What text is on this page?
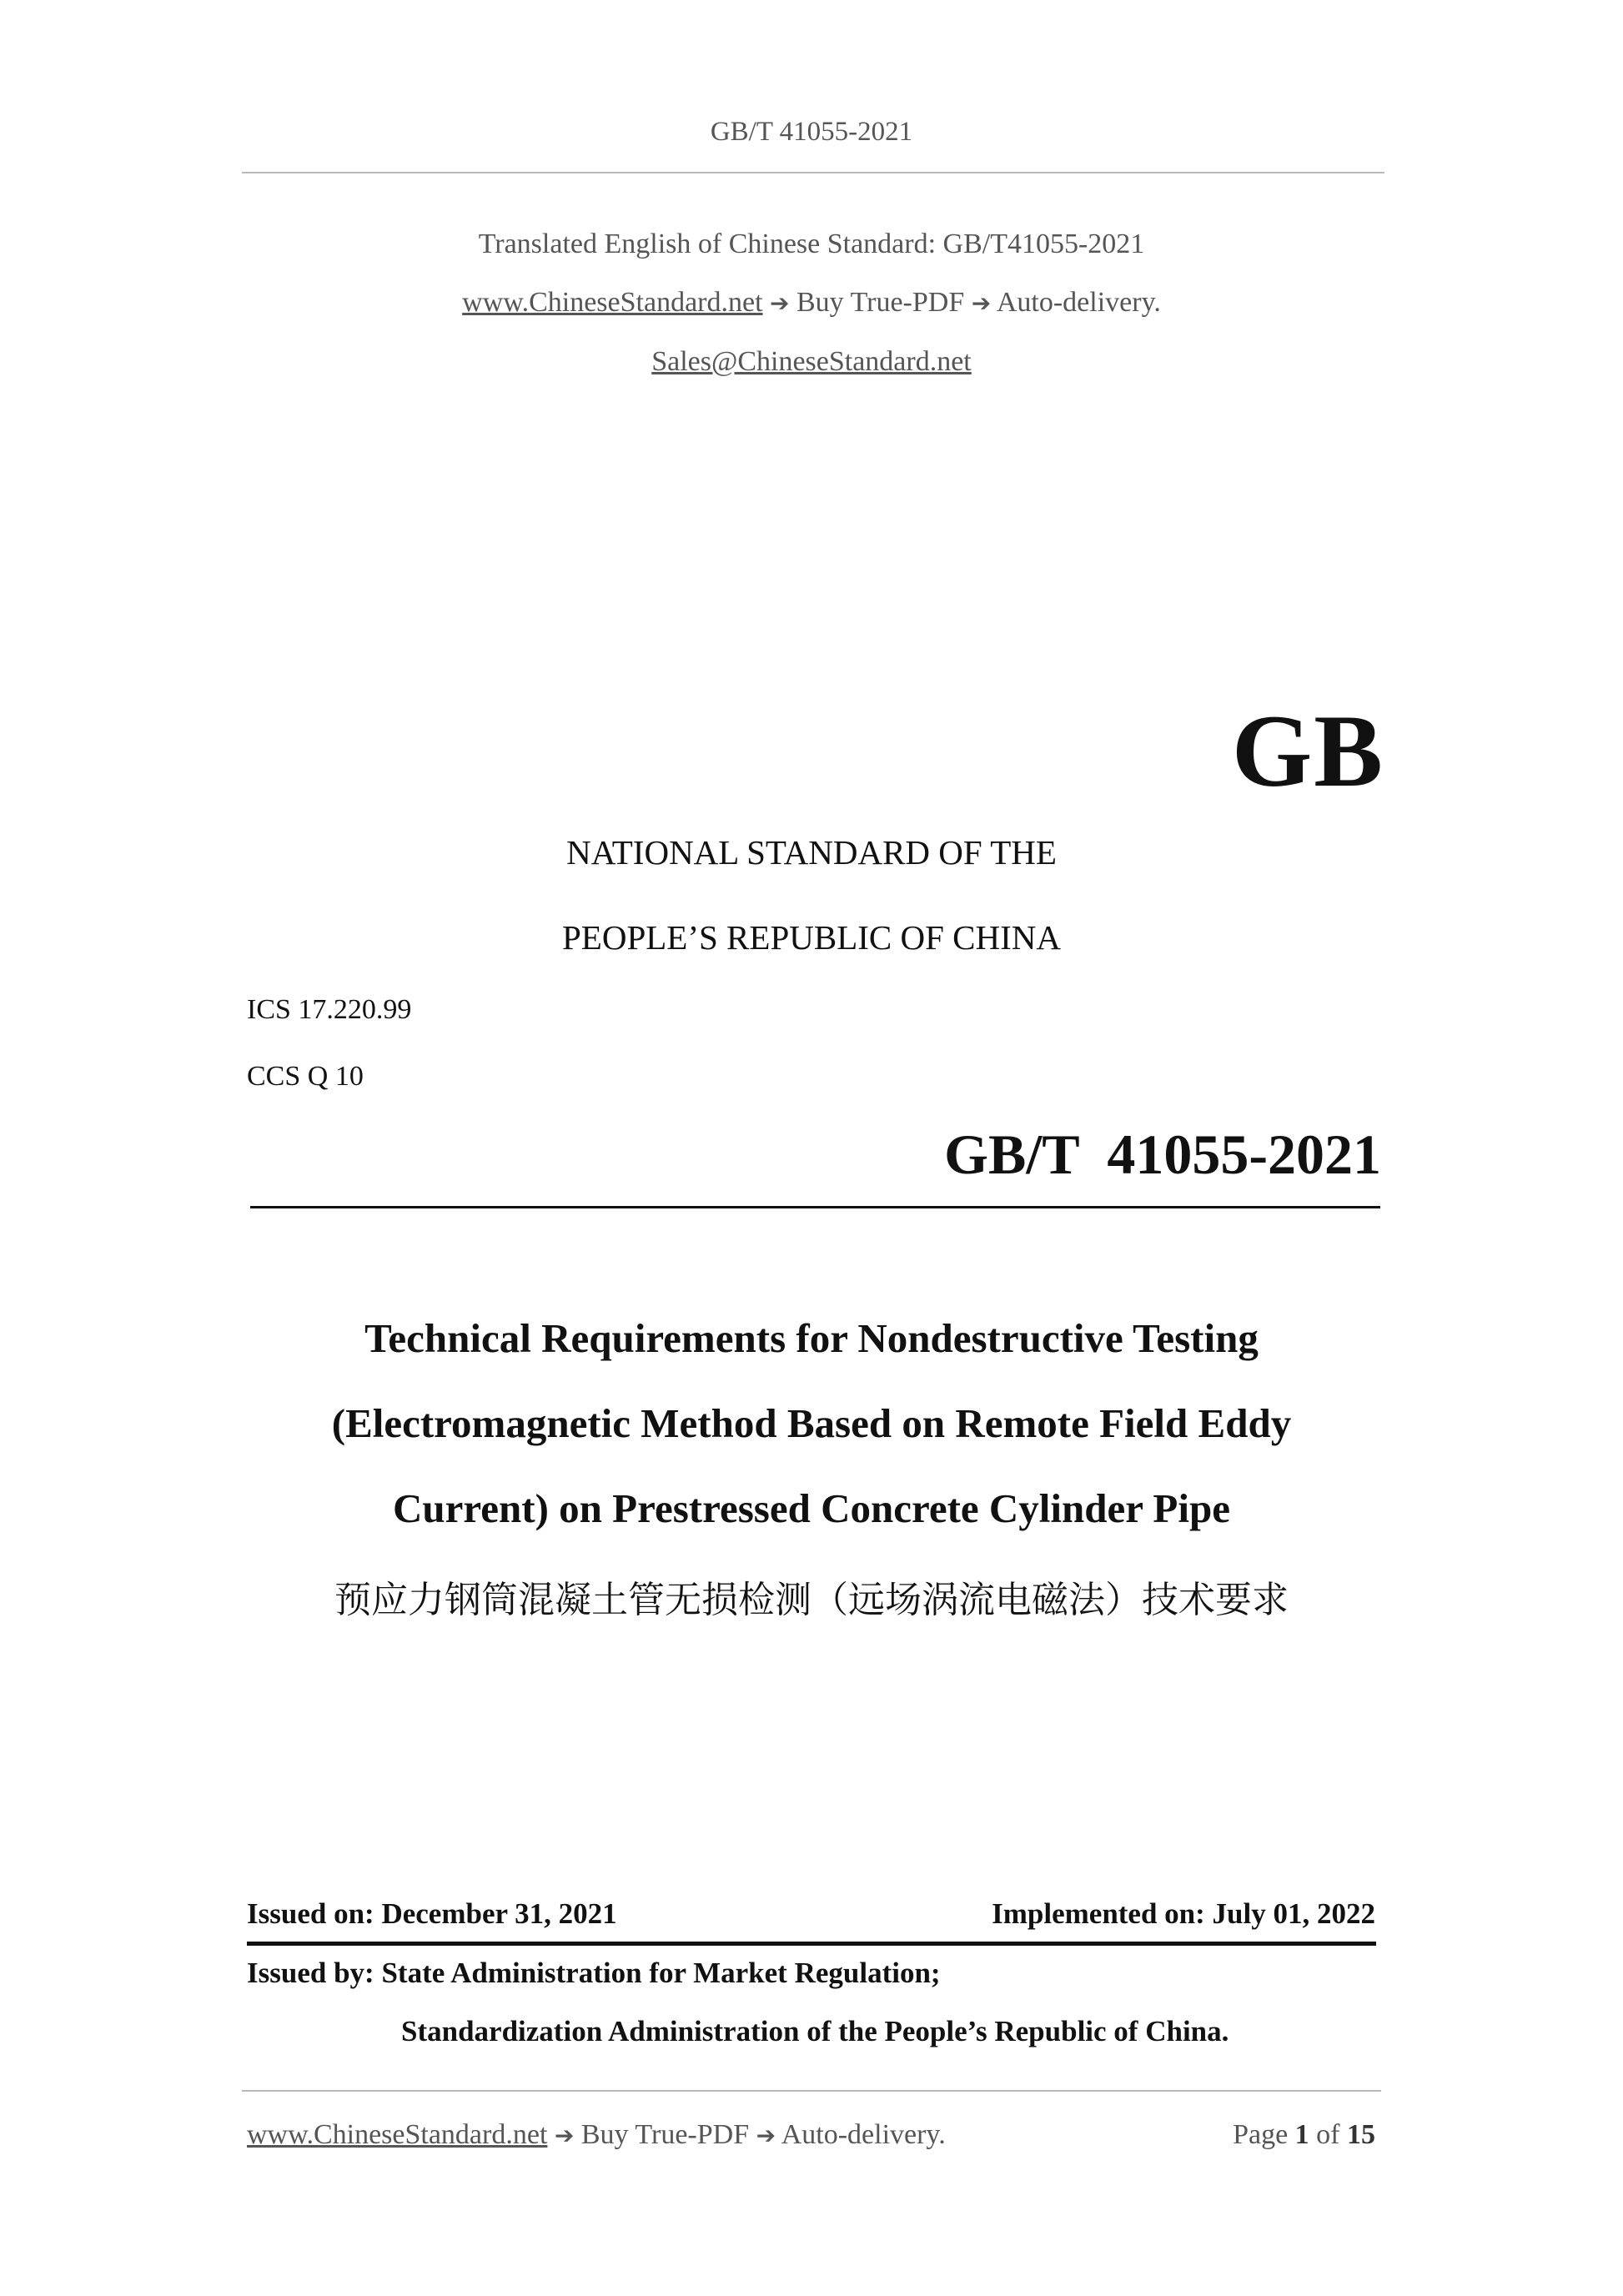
GB/T 41055-2021
Translated English of Chinese Standard: GB/T41055-2021
www.ChineseStandard.net ➔ Buy True-PDF ➔ Auto-delivery.
Sales@ChineseStandard.net
GB
NATIONAL STANDARD OF THE
PEOPLE’S REPUBLIC OF CHINA
ICS 17.220.99
CCS Q 10
GB/T  41055-2021
Technical Requirements for Nondestructive Testing
(Electromagnetic Method Based on Remote Field Eddy
Current) on Prestressed Concrete Cylinder Pipe
预应力钢筒混凝土管无损检测（远场涡流电磁法）技术要求
Issued on: December 31, 2021	Implemented on: July 01, 2022
Issued by: State Administration for Market Regulation;
Standardization Administration of the People’s Republic of China.
www.ChineseStandard.net ➔ Buy True-PDF ➔ Auto-delivery.	Page 1 of 15
